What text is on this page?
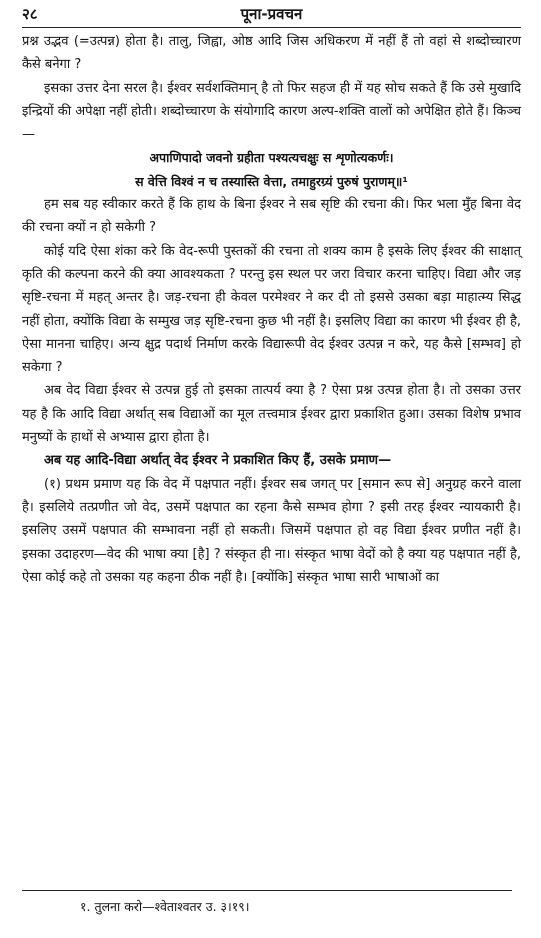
२८	पूना-प्रवचन

प्रश्न उद्भव (=उत्पन्न) होता है। तालु, जिह्वा, ओष्ठ आदि जिस अधिकरण में नहीं हैं तो वहां से शब्दोच्चारण कैसे बनेगा ?

इसका उत्तर देना सरल है। ईश्वर सर्वशक्तिमान् है तो फिर सहज ही में यह सोच सकते हैं कि उसे मुखादि इन्द्रियों की अपेक्षा नहीं होती। शब्दोच्चारण के संयोगादि कारण अल्प-शक्ति वालों को अपेक्षित होते हैं। किञ्च—

अपाणिपादो जवनो ग्रहीता पश्यत्यचक्षुः स शृणोत्यकर्णः।

स वेत्ति विश्वं न च तस्यास्ति वेत्ता, तमाहुरग्र्यं पुरुषं पुराणम्॥¹

हम सब यह स्वीकार करते हैं कि हाथ के बिना ईश्वर ने सब सृष्टि की रचना की। फिर भला मुँह बिना वेद की रचना क्यों न हो सकेगी ?

कोई यदि ऐसा शंका करे कि वेद-रूपी पुस्तकों की रचना तो शक्य काम है इसके लिए ईश्वर की साक्षात् कृति की कल्पना करने की क्या आवश्यकता ? परन्तु इस स्थल पर जरा विचार करना चाहिए। विद्या और जड़ सृष्टि-रचना में महत् अन्तर है। जड़-रचना ही केवल परमेश्वर ने कर दी तो इससे उसका बड़ा माहात्म्य सिद्ध नहीं होता, क्योंकि विद्या के सम्मुख जड़ सृष्टि-रचना कुछ भी नहीं है। इसलिए विद्या का कारण भी ईश्वर ही है, ऐसा मानना चाहिए। अन्य क्षुद्र पदार्थ निर्माण करके विद्यारूपी वेद ईश्वर उत्पन्न न करे, यह कैसे [सम्भव] हो सकेगा ?

अब वेद विद्या ईश्वर से उत्पन्न हुई तो इसका तात्पर्य क्या है ? ऐसा प्रश्न उत्पन्न होता है। तो उसका उत्तर यह है कि आदि विद्या अर्थात् सब विद्याओं का मूल तत्त्वमात्र ईश्वर द्वारा प्रकाशित हुआ। उसका विशेष प्रभाव मनुष्यों के हाथों से अभ्यास द्वारा होता है।

अब यह आदि-विद्या अर्थात् वेद ईश्वर ने प्रकाशित किए हैं, उसके प्रमाण—

(१) प्रथम प्रमाण यह कि वेद में पक्षपात नहीं। ईश्वर सब जगत् पर [समान रूप से] अनुग्रह करने वाला है। इसलिये तत्प्रणीत जो वेद, उसमें पक्षपात का रहना कैसे सम्भव होगा ? इसी तरह ईश्वर न्यायकारी है। इसलिए उसमें पक्षपात की सम्भावना नहीं हो सकती। जिसमें पक्षपात हो वह विद्या ईश्वर प्रणीत नहीं है। इसका उदाहरण—वेद की भाषा क्या [है] ? संस्कृत ही ना। संस्कृत भाषा वेदों को है क्या यह पक्षपात नहीं है, ऐसा कोई कहे तो उसका यह कहना ठीक नहीं है। [क्योंकि] संस्कृत भाषा सारी भाषाओं का

१. तुलना करो—श्वेताश्वतर उ. ३।१९।
